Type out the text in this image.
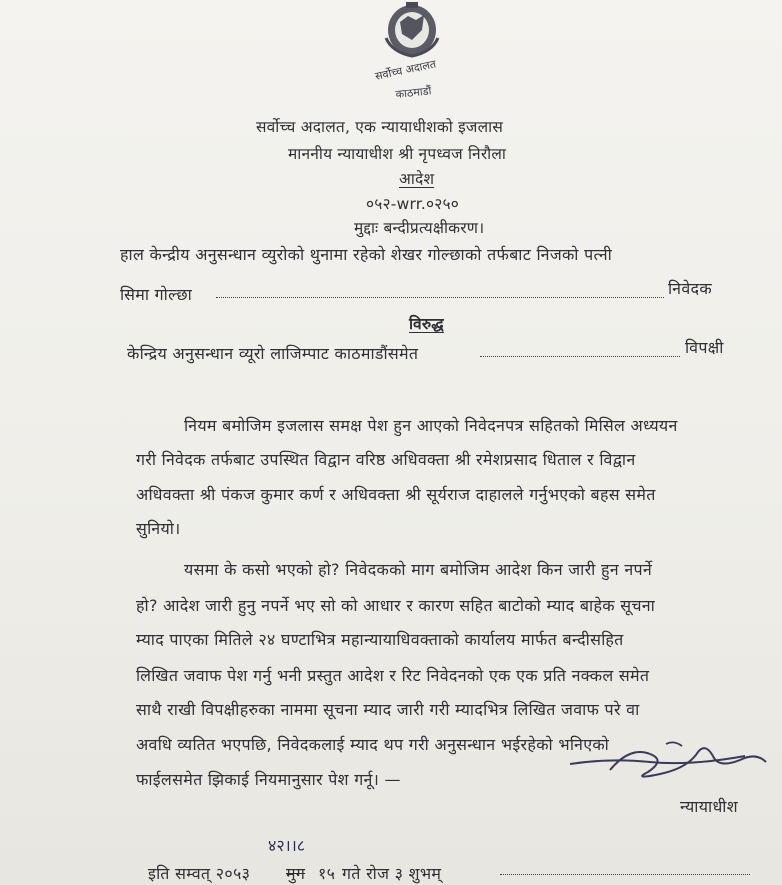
सर्वोच्च अदालत
काठमाडौं
सर्वोच्च अदालत, एक न्यायाधीशको इजलास
माननीय न्यायाधीश श्री नृपध्वज निरौला
आदेश
०५२-wrr.०२५०
मुद्दाः बन्दीप्रत्यक्षीकरण।
हाल केन्द्रीय अनुसन्धान व्युरोको थुनामा रहेको शेखर गोल्छाको तर्फबाट निजको पत्नी
सिमा गोल्छा	निवेदक
विरुद्ध
केन्द्रिय अनुसन्धान व्यूरो लाजिम्पाट काठमाडौंसमेत	विपक्षी
नियम बमोजिम इजलास समक्ष पेश हुन आएको निवेदनपत्र सहितको मिसिल अध्ययन
गरी निवेदक तर्फबाट उपस्थित विद्वान वरिष्ठ अधिवक्ता श्री रमेशप्रसाद धिताल र विद्वान
अधिवक्ता श्री पंकज कुमार कर्ण र अधिवक्ता श्री सूर्यराज दाहालले गर्नुभएको बहस समेत
सुनियो।
यसमा के कसो भएको हो? निवेदकको माग बमोजिम आदेश किन जारी हुन नपर्ने
हो? आदेश जारी हुनु नपर्ने भए सो को आधार र कारण सहित बाटोको म्याद बाहेक सूचना
म्याद पाएका मितिले २४ घण्टाभित्र महान्यायाधिवक्ताको कार्यालय मार्फत बन्दीसहित
लिखित जवाफ पेश गर्नु भनी प्रस्तुत आदेश र रिट निवेदनको एक एक प्रति नक्कल समेत
साथै राखी विपक्षीहरुका नाममा सूचना म्याद जारी गरी म्यादभित्र लिखित जवाफ परे वा
अवधि व्यतित भएपछि, निवेदकलाई म्याद थप गरी अनुसन्धान भईरहेको भनिएको
फाईलसमेत झिकाई नियमानुसार पेश गर्नू। —
न्यायाधीश
इति सम्वत् २०५३
४२।।८
मुग १५ गते रोज ३ शुभम्
